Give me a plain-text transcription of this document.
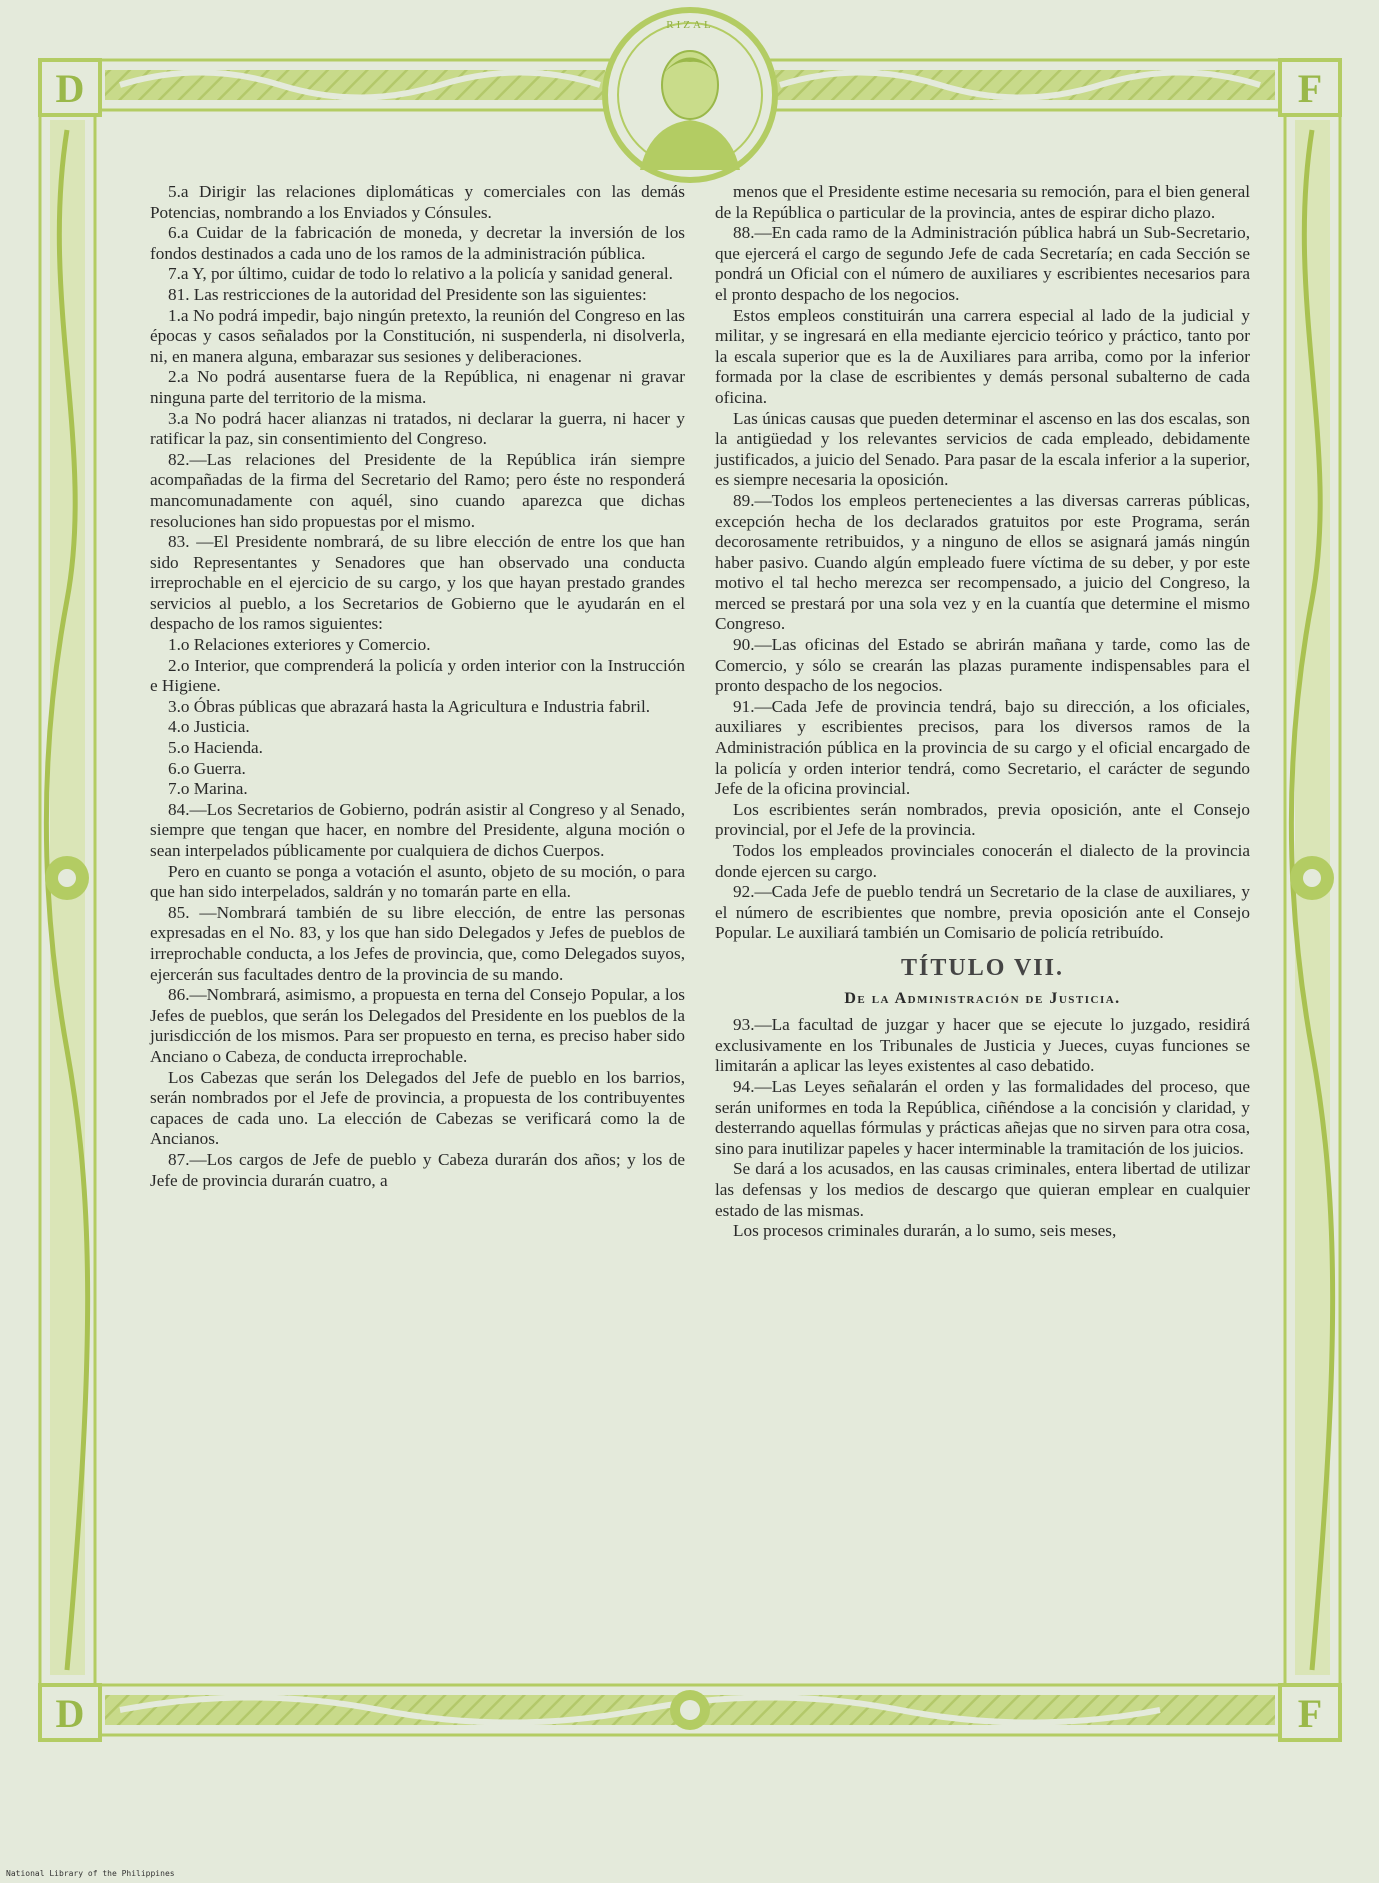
D	F
D	F
RIZAL

5.a Dirigir las relaciones diplomáticas y comerciales con las demás Potencias, nombrando a los Enviados y Cónsules.

6.a Cuidar de la fabricación de moneda, y decretar la inversión de los fondos destinados a cada uno de los ramos de la administración pública.

7.a Y, por último, cuidar de todo lo relativo a la policía y sanidad general.

81. Las restricciones de la autoridad del Presidente son las siguientes:

1.a No podrá impedir, bajo ningún pretexto, la reunión del Congreso en las épocas y casos señalados por la Constitución, ni suspenderla, ni disolverla, ni, en manera alguna, embarazar sus sesiones y deliberaciones.

2.a No podrá ausentarse fuera de la República, ni enagenar ni gravar ninguna parte del territorio de la misma.

3.a No podrá hacer alianzas ni tratados, ni declarar la guerra, ni hacer y ratificar la paz, sin consentimiento del Congreso.

82.—Las relaciones del Presidente de la República irán siempre acompañadas de la firma del Secretario del Ramo; pero éste no responderá mancomunadamente con aquél, sino cuando aparezca que dichas resoluciones han sido propuestas por el mismo.

83. —El Presidente nombrará, de su libre elección de entre los que han sido Representantes y Senadores que han observado una conducta irreprochable en el ejercicio de su cargo, y los que hayan prestado grandes servicios al pueblo, a los Secretarios de Gobierno que le ayudarán en el despacho de los ramos siguientes:

1.o Relaciones exteriores y Comercio.

2.o Interior, que comprenderá la policía y orden interior con la Instrucción e Higiene.

3.o Óbras públicas que abrazará hasta la Agricultura e Industria fabril.

4.o Justicia.

5.o Hacienda.

6.o Guerra.

7.o Marina.

84.—Los Secretarios de Gobierno, podrán asistir al Congreso y al Senado, siempre que tengan que hacer, en nombre del Presidente, alguna moción o sean interpelados públicamente por cualquiera de dichos Cuerpos.

Pero en cuanto se ponga a votación el asunto, objeto de su moción, o para que han sido interpelados, saldrán y no tomarán parte en ella.

85. —Nombrará también de su libre elección, de entre las personas expresadas en el No. 83, y los que han sido Delegados y Jefes de pueblos de irreprochable conducta, a los Jefes de provincia, que, como Delegados suyos, ejercerán sus facultades dentro de la provincia de su mando.

86.—Nombrará, asimismo, a propuesta en terna del Consejo Popular, a los Jefes de pueblos, que serán los Delegados del Presidente en los pueblos de la jurisdicción de los mismos. Para ser propuesto en terna, es preciso haber sido Anciano o Cabeza, de conducta irreprochable.

Los Cabezas que serán los Delegados del Jefe de pueblo en los barrios, serán nombrados por el Jefe de provincia, a propuesta de los contribuyentes capaces de cada uno. La elección de Cabezas se verificará como la de Ancianos.

87.—Los cargos de Jefe de pueblo y Cabeza durarán dos años; y los de Jefe de provincia durarán cuatro, a

menos que el Presidente estime necesaria su remoción, para el bien general de la República o particular de la provincia, antes de espirar dicho plazo.

88.—En cada ramo de la Administración pública habrá un Sub-Secretario, que ejercerá el cargo de segundo Jefe de cada Secretaría; en cada Sección se pondrá un Oficial con el número de auxiliares y escribientes necesarios para el pronto despacho de los negocios.

Estos empleos constituirán una carrera especial al lado de la judicial y militar, y se ingresará en ella mediante ejercicio teórico y práctico, tanto por la escala superior que es la de Auxiliares para arriba, como por la inferior formada por la clase de escribientes y demás personal subalterno de cada oficina.

Las únicas causas que pueden determinar el ascenso en las dos escalas, son la antigüedad y los relevantes servicios de cada empleado, debidamente justificados, a juicio del Senado. Para pasar de la escala inferior a la superior, es siempre necesaria la oposición.

89.—Todos los empleos pertenecientes a las diversas carreras públicas, excepción hecha de los declarados gratuitos por este Programa, serán decorosamente retribuidos, y a ninguno de ellos se asignará jamás ningún haber pasivo. Cuando algún empleado fuere víctima de su deber, y por este motivo el tal hecho merezca ser recompensado, a juicio del Congreso, la merced se prestará por una sola vez y en la cuantía que determine el mismo Congreso.

90.—Las oficinas del Estado se abrirán mañana y tarde, como las de Comercio, y sólo se crearán las plazas puramente indispensables para el pronto despacho de los negocios.

91.—Cada Jefe de provincia tendrá, bajo su dirección, a los oficiales, auxiliares y escribientes precisos, para los diversos ramos de la Administración pública en la provincia de su cargo y el oficial encargado de la policía y orden interior tendrá, como Secretario, el carácter de segundo Jefe de la oficina provincial.

Los escribientes serán nombrados, previa oposición, ante el Consejo provincial, por el Jefe de la provincia.

Todos los empleados provinciales conocerán el dialecto de la provincia donde ejercen su cargo.

92.—Cada Jefe de pueblo tendrá un Secretario de la clase de auxiliares, y el número de escribientes que nombre, previa oposición ante el Consejo Popular. Le auxiliará también un Comisario de policía retribuído.

TÍTULO VII.
De la Administración de Justicia.

93.—La facultad de juzgar y hacer que se ejecute lo juzgado, residirá exclusivamente en los Tribunales de Justicia y Jueces, cuyas funciones se limitarán a aplicar las leyes existentes al caso debatido.

94.—Las Leyes señalarán el orden y las formalidades del proceso, que serán uniformes en toda la República, ciñéndose a la concisión y claridad, y desterrando aquellas fórmulas y prácticas añejas que no sirven para otra cosa, sino para inutilizar papeles y hacer interminable la tramitación de los juicios.

Se dará a los acusados, en las causas criminales, entera libertad de utilizar las defensas y los medios de descargo que quieran emplear en cualquier estado de las mismas.

Los procesos criminales durarán, a lo sumo, seis meses,

National Library of the Philippines
